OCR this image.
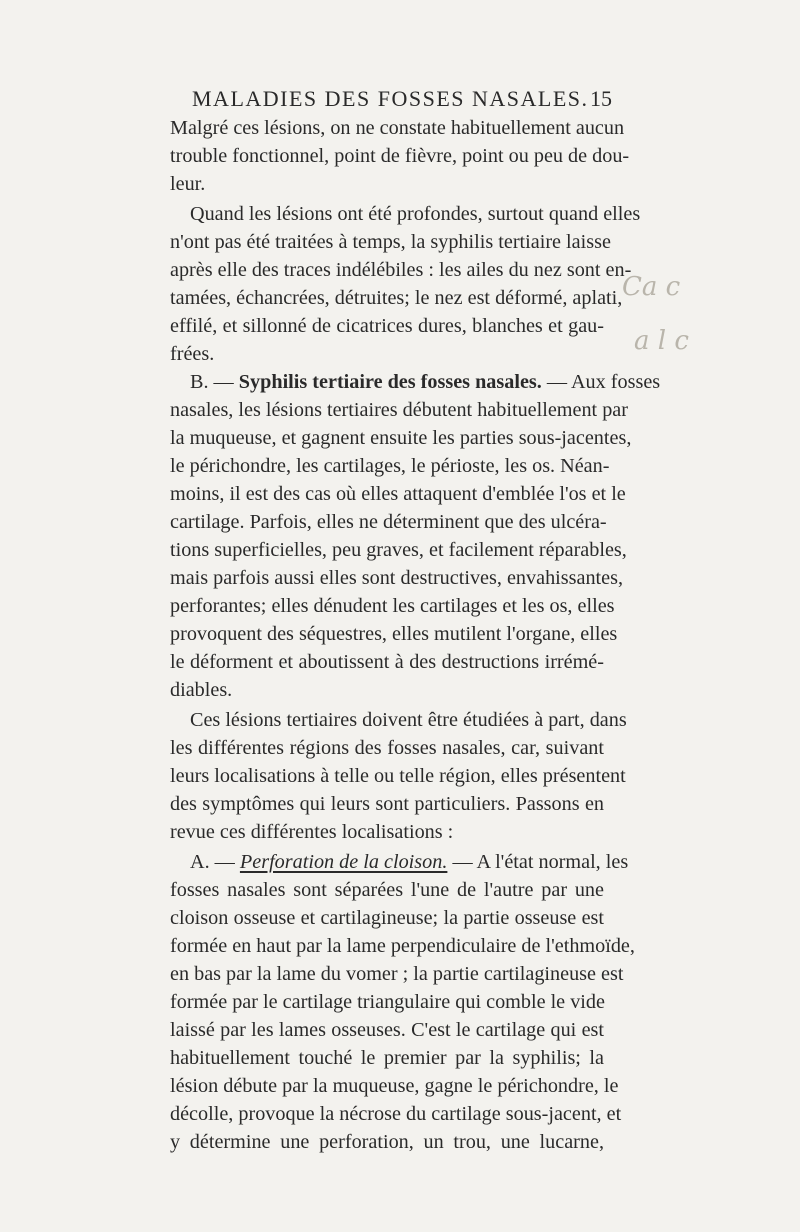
MALADIES DES FOSSES NASALES. 15
Ca c
a l c
Malgré ces lésions, on ne constate habituellement aucun
trouble fonctionnel, point de fièvre, point ou peu de dou-
leur.
Quand les lésions ont été profondes, surtout quand elles
n'ont pas été traitées à temps, la syphilis tertiaire laisse
après elle des traces indélébiles : les ailes du nez sont en-
tamées, échancrées, détruites; le nez est déformé, aplati,
effilé, et sillonné de cicatrices dures, blanches et gau-
frées.
B. — Syphilis tertiaire des fosses nasales. — Aux fosses
nasales, les lésions tertiaires débutent habituellement par
la muqueuse, et gagnent ensuite les parties sous-jacentes,
le périchondre, les cartilages, le périoste, les os. Néan-
moins, il est des cas où elles attaquent d'emblée l'os et le
cartilage. Parfois, elles ne déterminent que des ulcéra-
tions superficielles, peu graves, et facilement réparables,
mais parfois aussi elles sont destructives, envahissantes,
perforantes; elles dénudent les cartilages et les os, elles
provoquent des séquestres, elles mutilent l'organe, elles
le déforment et aboutissent à des destructions irrémé-
diables.
Ces lésions tertiaires doivent être étudiées à part, dans
les différentes régions des fosses nasales, car, suivant
leurs localisations à telle ou telle région, elles présentent
des symptômes qui leurs sont particuliers. Passons en
revue ces différentes localisations :
A. — Perforation de la cloison. — A l'état normal, les
fosses nasales sont séparées l'une de l'autre par une
cloison osseuse et cartilagineuse; la partie osseuse est
formée en haut par la lame perpendiculaire de l'ethmoïde,
en bas par la lame du vomer ; la partie cartilagineuse est
formée par le cartilage triangulaire qui comble le vide
laissé par les lames osseuses. C'est le cartilage qui est
habituellement touché le premier par la syphilis; la
lésion débute par la muqueuse, gagne le périchondre, le
décolle, provoque la nécrose du cartilage sous-jacent, et
y détermine une perforation, un trou, une lucarne,
